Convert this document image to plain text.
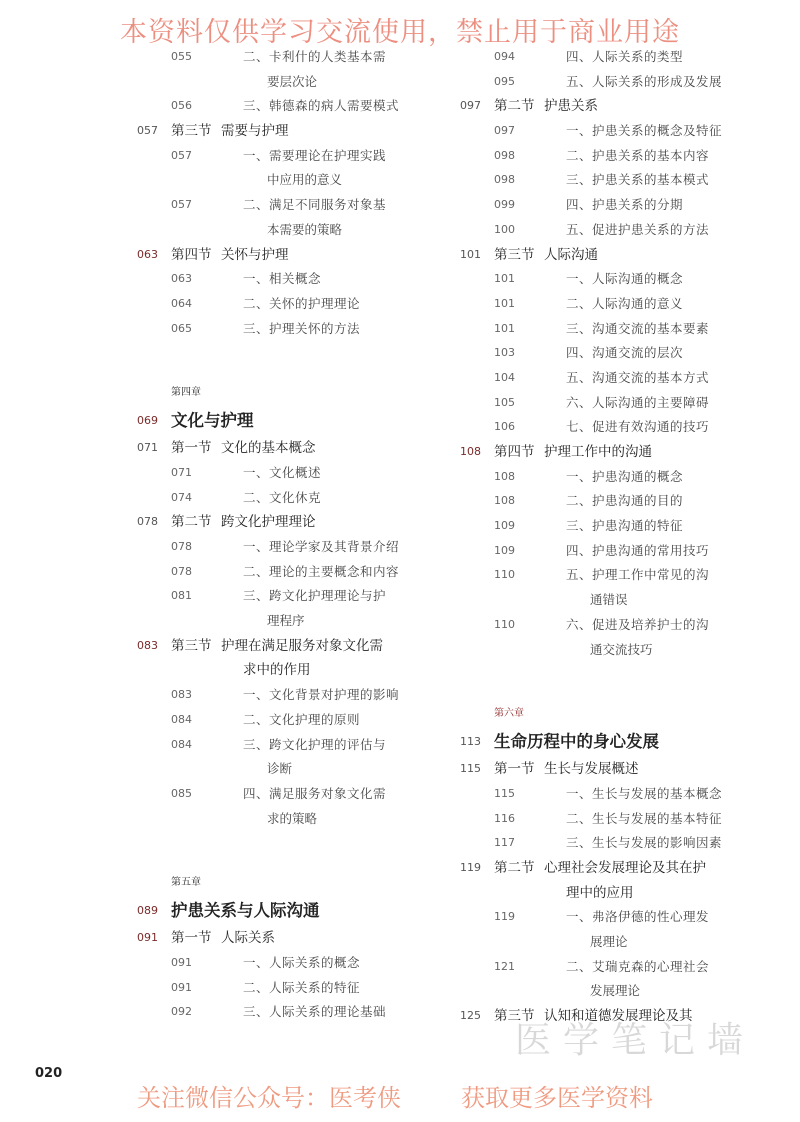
本资料仅供学习交流使用，禁止用于商业用途
055	二、卡利什的人类基本需
要层次论
056	三、韩德森的病人需要模式
057 第三节 需要与护理
057	一、需要理论在护理实践
中应用的意义
057	二、满足不同服务对象基
本需要的策略
063 第四节 关怀与护理
063	一、相关概念
064	二、关怀的护理理论
065	三、护理关怀的方法
第四章
069 文化与护理
071 第一节 文化的基本概念
071	一、文化概述
074	二、文化休克
078 第二节 跨文化护理理论
078	一、理论学家及其背景介绍
078	二、理论的主要概念和内容
081	三、跨文化护理理论与护
理程序
083 第三节 护理在满足服务对象文化需
求中的作用
083	一、文化背景对护理的影响
084	二、文化护理的原则
084	三、跨文化护理的评估与
诊断
085	四、满足服务对象文化需
求的策略
第五章
089 护患关系与人际沟通
091 第一节 人际关系
091	一、人际关系的概念
091	二、人际关系的特征
092	三、人际关系的理论基础
094	四、人际关系的类型
095	五、人际关系的形成及发展
097 第二节 护患关系
097	一、护患关系的概念及特征
098	二、护患关系的基本内容
098	三、护患关系的基本模式
099	四、护患关系的分期
100	五、促进护患关系的方法
101 第三节 人际沟通
101	一、人际沟通的概念
101	二、人际沟通的意义
101	三、沟通交流的基本要素
103	四、沟通交流的层次
104	五、沟通交流的基本方式
105	六、人际沟通的主要障碍
106	七、促进有效沟通的技巧
108 第四节 护理工作中的沟通
108	一、护患沟通的概念
108	二、护患沟通的目的
109	三、护患沟通的特征
109	四、护患沟通的常用技巧
110	五、护理工作中常见的沟
通错误
110	六、促进及培养护士的沟
通交流技巧
第六章
113 生命历程中的身心发展
115 第一节 生长与发展概述
115	一、生长与发展的基本概念
116	二、生长与发展的基本特征
117	三、生长与发展的影响因素
119 第二节 心理社会发展理论及其在护
理中的应用
119	一、弗洛伊德的性心理发
展理论
121	二、艾瑞克森的心理社会
发展理论
125 第三节 认知和道德发展理论及其
医学笔记墙
020
关注微信公众号：医考侠	获取更多医学资料
